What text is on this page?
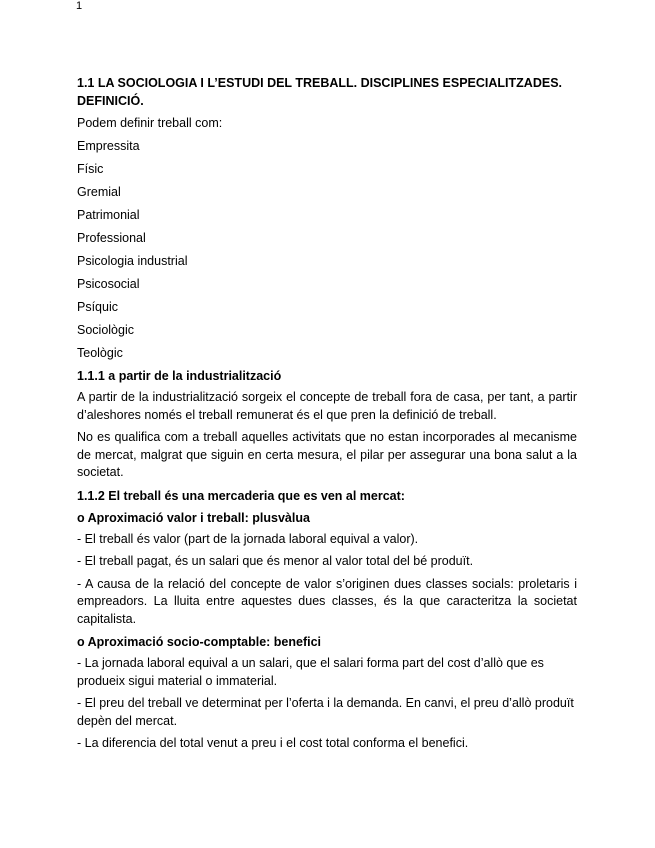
1
1.1 LA SOCIOLOGIA I L’ESTUDI DEL TREBALL. DISCIPLINES ESPECIALITZADES. DEFINICIÓ.
Podem definir treball com:
Empressita
Físic
Gremial
Patrimonial
Professional
Psicologia industrial
Psicosocial
Psíquic
Sociològic
Teològic
1.1.1 a partir de la industrialització
A partir de la industrialització sorgeix el concepte de treball fora de casa, per tant, a partir d’aleshores només el treball remunerat és el que pren la definició de treball.
No es qualifica com a treball aquelles activitats que no estan incorporades al mecanisme de mercat, malgrat que siguin en certa mesura, el pilar per assegurar una bona salut a la societat.
1.1.2 El treball és una mercaderia que es ven al mercat:
o Aproximació valor i treball: plusvàlua
- El treball és valor (part de la jornada laboral equival a valor).
- El treball pagat, és un salari que és menor al valor total del bé produït.
- A causa de la relació del concepte de valor s’originen dues classes socials: proletaris i empreadors. La lluita entre aquestes dues classes, és la que caracteritza la societat capitalista.
o Aproximació socio-comptable: benefici
- La jornada laboral equival a un salari, que el salari forma part del cost d’allò que es produeix sigui material o immaterial.
- El preu del treball ve determinat per l’oferta i la demanda. En canvi, el preu d’allò produït depèn del mercat.
- La diferencia del total venut a preu i el cost total conforma el benefici.
